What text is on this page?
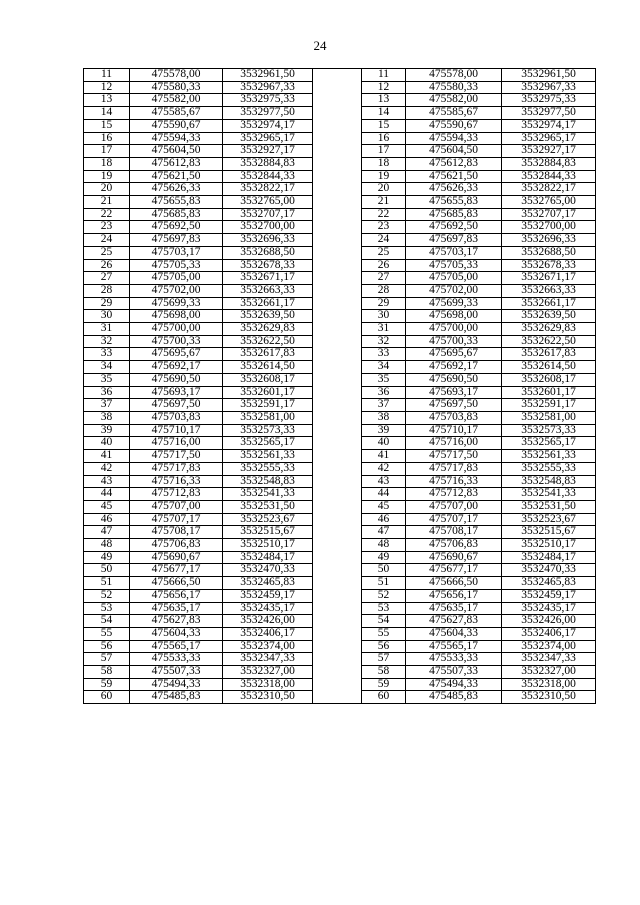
24
11	475578,00	3532961,50		11	475578,00	3532961,50
12	475580,33	3532967,33		12	475580,33	3532967,33
13	475582,00	3532975,33		13	475582,00	3532975,33
14	475585,67	3532977,50		14	475585,67	3532977,50
15	475590,67	3532974,17		15	475590,67	3532974,17
16	475594,33	3532965,17		16	475594,33	3532965,17
17	475604,50	3532927,17		17	475604,50	3532927,17
18	475612,83	3532884,83		18	475612,83	3532884,83
19	475621,50	3532844,33		19	475621,50	3532844,33
20	475626,33	3532822,17		20	475626,33	3532822,17
21	475655,83	3532765,00		21	475655,83	3532765,00
22	475685,83	3532707,17		22	475685,83	3532707,17
23	475692,50	3532700,00		23	475692,50	3532700,00
24	475697,83	3532696,33		24	475697,83	3532696,33
25	475703,17	3532688,50		25	475703,17	3532688,50
26	475705,33	3532678,33		26	475705,33	3532678,33
27	475705,00	3532671,17		27	475705,00	3532671,17
28	475702,00	3532663,33		28	475702,00	3532663,33
29	475699,33	3532661,17		29	475699,33	3532661,17
30	475698,00	3532639,50		30	475698,00	3532639,50
31	475700,00	3532629,83		31	475700,00	3532629,83
32	475700,33	3532622,50		32	475700,33	3532622,50
33	475695,67	3532617,83		33	475695,67	3532617,83
34	475692,17	3532614,50		34	475692,17	3532614,50
35	475690,50	3532608,17		35	475690,50	3532608,17
36	475693,17	3532601,17		36	475693,17	3532601,17
37	475697,50	3532591,17		37	475697,50	3532591,17
38	475703,83	3532581,00		38	475703,83	3532581,00
39	475710,17	3532573,33		39	475710,17	3532573,33
40	475716,00	3532565,17		40	475716,00	3532565,17
41	475717,50	3532561,33		41	475717,50	3532561,33
42	475717,83	3532555,33		42	475717,83	3532555,33
43	475716,33	3532548,83		43	475716,33	3532548,83
44	475712,83	3532541,33		44	475712,83	3532541,33
45	475707,00	3532531,50		45	475707,00	3532531,50
46	475707,17	3532523,67		46	475707,17	3532523,67
47	475708,17	3532515,67		47	475708,17	3532515,67
48	475706,83	3532510,17		48	475706,83	3532510,17
49	475690,67	3532484,17		49	475690,67	3532484,17
50	475677,17	3532470,33		50	475677,17	3532470,33
51	475666,50	3532465,83		51	475666,50	3532465,83
52	475656,17	3532459,17		52	475656,17	3532459,17
53	475635,17	3532435,17		53	475635,17	3532435,17
54	475627,83	3532426,00		54	475627,83	3532426,00
55	475604,33	3532406,17		55	475604,33	3532406,17
56	475565,17	3532374,00		56	475565,17	3532374,00
57	475533,33	3532347,33		57	475533,33	3532347,33
58	475507,33	3532327,00		58	475507,33	3532327,00
59	475494,33	3532318,00		59	475494,33	3532318,00
60	475485,83	3532310,50		60	475485,83	3532310,50
